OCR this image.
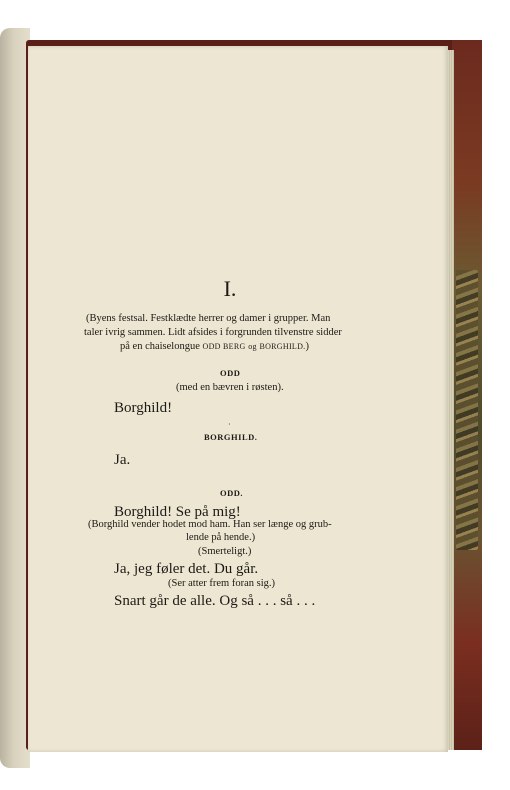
I.
(Byens festsal. Festklædte herrer og damer i grupper. Man
taler ivrig sammen. Lidt afsides i forgrunden tilvenstre sidder
på en chaiselongue ODD BERG og BORGHILD.)
ODD
(med en bævren i røsten).
Borghild!
·
BORGHILD.
Ja.
ODD.
Borghild! Se på mig!
(Borghild vender hodet mod ham. Han ser længe og grub-
lende på hende.)
(Smerteligt.)
Ja, jeg føler det. Du går.
(Ser atter frem foran sig.)
Snart går de alle. Og så . . . så . . .
